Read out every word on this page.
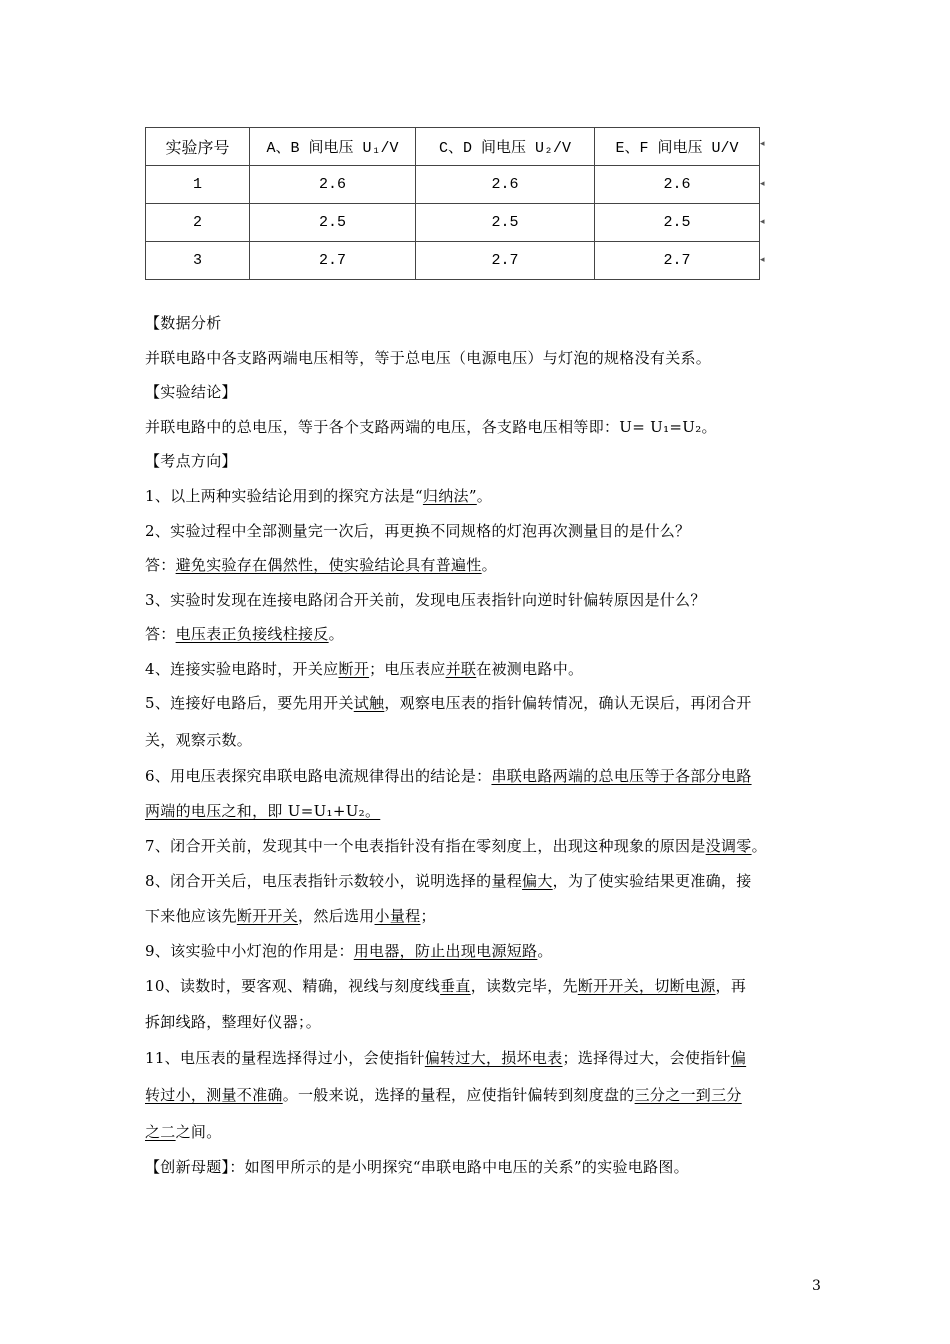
实验序号	A、B 间电压 U₁/V	C、D 间电压 U₂/V	E、F 间电压 U/V
1	2.6	2.6	2.6
2	2.5	2.5	2.5
3	2.7	2.7	2.7
◂
◂
◂
◂
【数据分析
并联电路中各支路两端电压相等，等于总电压（电源电压）与灯泡的规格没有关系。
【实验结论】
并联电路中的总电压，等于各个支路两端的电压，各支路电压相等即：U= U₁=U₂。
【考点方向】
1、以上两种实验结论用到的探究方法是“归纳法”。
2、实验过程中全部测量完一次后，再更换不同规格的灯泡再次测量目的是什么？
答：避免实验存在偶然性，使实验结论具有普遍性。
3、实验时发现在连接电路闭合开关前，发现电压表指针向逆时针偏转原因是什么？
答：电压表正负接线柱接反。
4、连接实验电路时，开关应断开；电压表应并联在被测电路中。
5、连接好电路后，要先用开关试触，观察电压表的指针偏转情况，确认无误后，再闭合开
关，观察示数。
6、用电压表探究串联电路电流规律得出的结论是：串联电路两端的总电压等于各部分电路
两端的电压之和，即 U=U₁+U₂。
7、闭合开关前，发现其中一个电表指针没有指在零刻度上，出现这种现象的原因是没调零。
8、闭合开关后，电压表指针示数较小，说明选择的量程偏大，为了使实验结果更准确，接
下来他应该先断开开关，然后选用小量程；
9、该实验中小灯泡的作用是：用电器，防止出现电源短路。
10、读数时，要客观、精确，视线与刻度线垂直，读数完毕，先断开开关，切断电源，再
拆卸线路，整理好仪器；。
11、电压表的量程选择得过小，会使指针偏转过大，损坏电表；选择得过大，会使指针偏
转过小，测量不准确。一般来说，选择的量程，应使指针偏转到刻度盘的三分之一到三分
之二之间。
【创新母题】：如图甲所示的是小明探究“串联电路中电压的关系”的实验电路图。
3
